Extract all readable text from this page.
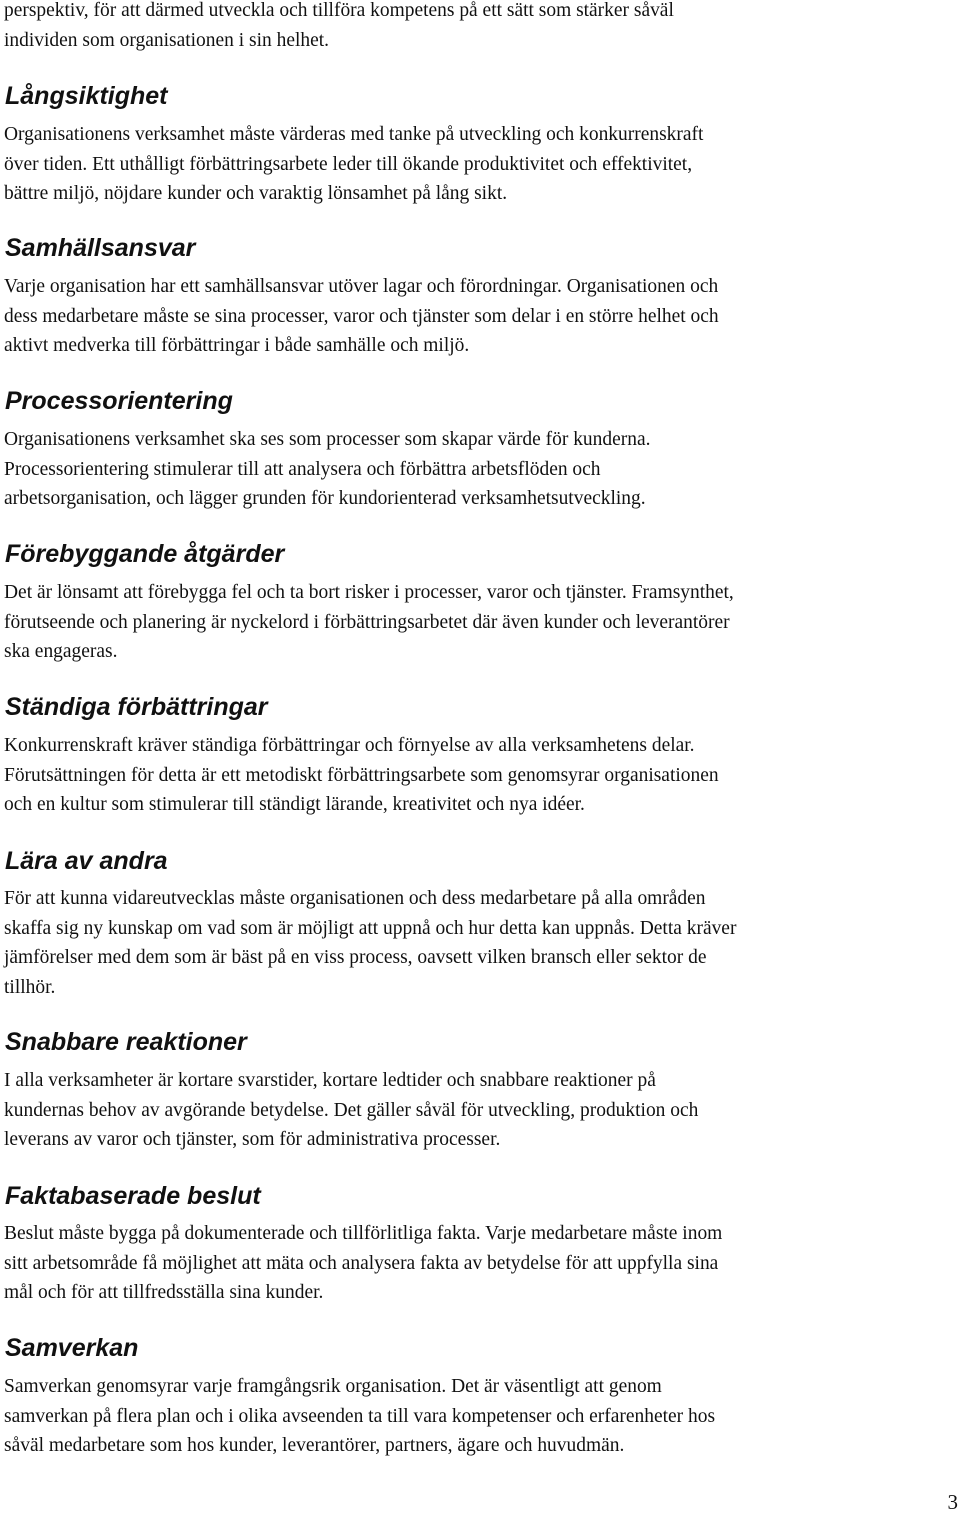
perspektiv, för att därmed utveckla och tillföra kompetens på ett sätt som stärker såväl
individen som organisationen i sin helhet.

Långsiktighet

Organisationens verksamhet måste värderas med tanke på utveckling och konkurrenskraft
över tiden. Ett uthålligt förbättringsarbete leder till ökande produktivitet och effektivitet,
bättre miljö, nöjdare kunder och varaktig lönsamhet på lång sikt.

Samhällsansvar

Varje organisation har ett samhällsansvar utöver lagar och förordningar. Organisationen och
dess medarbetare måste se sina processer, varor och tjänster som delar i en större helhet och
aktivt medverka till förbättringar i både samhälle och miljö.

Processorientering

Organisationens verksamhet ska ses som processer som skapar värde för kunderna.
Processorientering stimulerar till att analysera och förbättra arbetsflöden och
arbetsorganisation, och lägger grunden för kundorienterad verksamhetsutveckling.

Förebyggande åtgärder

Det är lönsamt att förebygga fel och ta bort risker i processer, varor och tjänster. Framsynthet,
förutseende och planering är nyckelord i förbättringsarbetet där även kunder och leverantörer
ska engageras.

Ständiga förbättringar

Konkurrenskraft kräver ständiga förbättringar och förnyelse av alla verksamhetens delar.
Förutsättningen för detta är ett metodiskt förbättringsarbete som genomsyrar organisationen
och en kultur som stimulerar till ständigt lärande, kreativitet och nya idéer.

Lära av andra

För att kunna vidareutvecklas måste organisationen och dess medarbetare på alla områden
skaffa sig ny kunskap om vad som är möjligt att uppnå och hur detta kan uppnås. Detta kräver
jämförelser med dem som är bäst på en viss process, oavsett vilken bransch eller sektor de
tillhör.

Snabbare reaktioner

I alla verksamheter är kortare svarstider, kortare ledtider och snabbare reaktioner på
kundernas behov av avgörande betydelse. Det gäller såväl för utveckling, produktion och
leverans av varor och tjänster, som för administrativa processer.

Faktabaserade beslut

Beslut måste bygga på dokumenterade och tillförlitliga fakta. Varje medarbetare måste inom
sitt arbetsområde få möjlighet att mäta och analysera fakta av betydelse för att uppfylla sina
mål och för att tillfredsställa sina kunder.

Samverkan

Samverkan genomsyrar varje framgångsrik organisation. Det är väsentligt att genom
samverkan på flera plan och i olika avseenden ta till vara kompetenser och erfarenheter hos
såväl medarbetare som hos kunder, leverantörer, partners, ägare och huvudmän.

3
